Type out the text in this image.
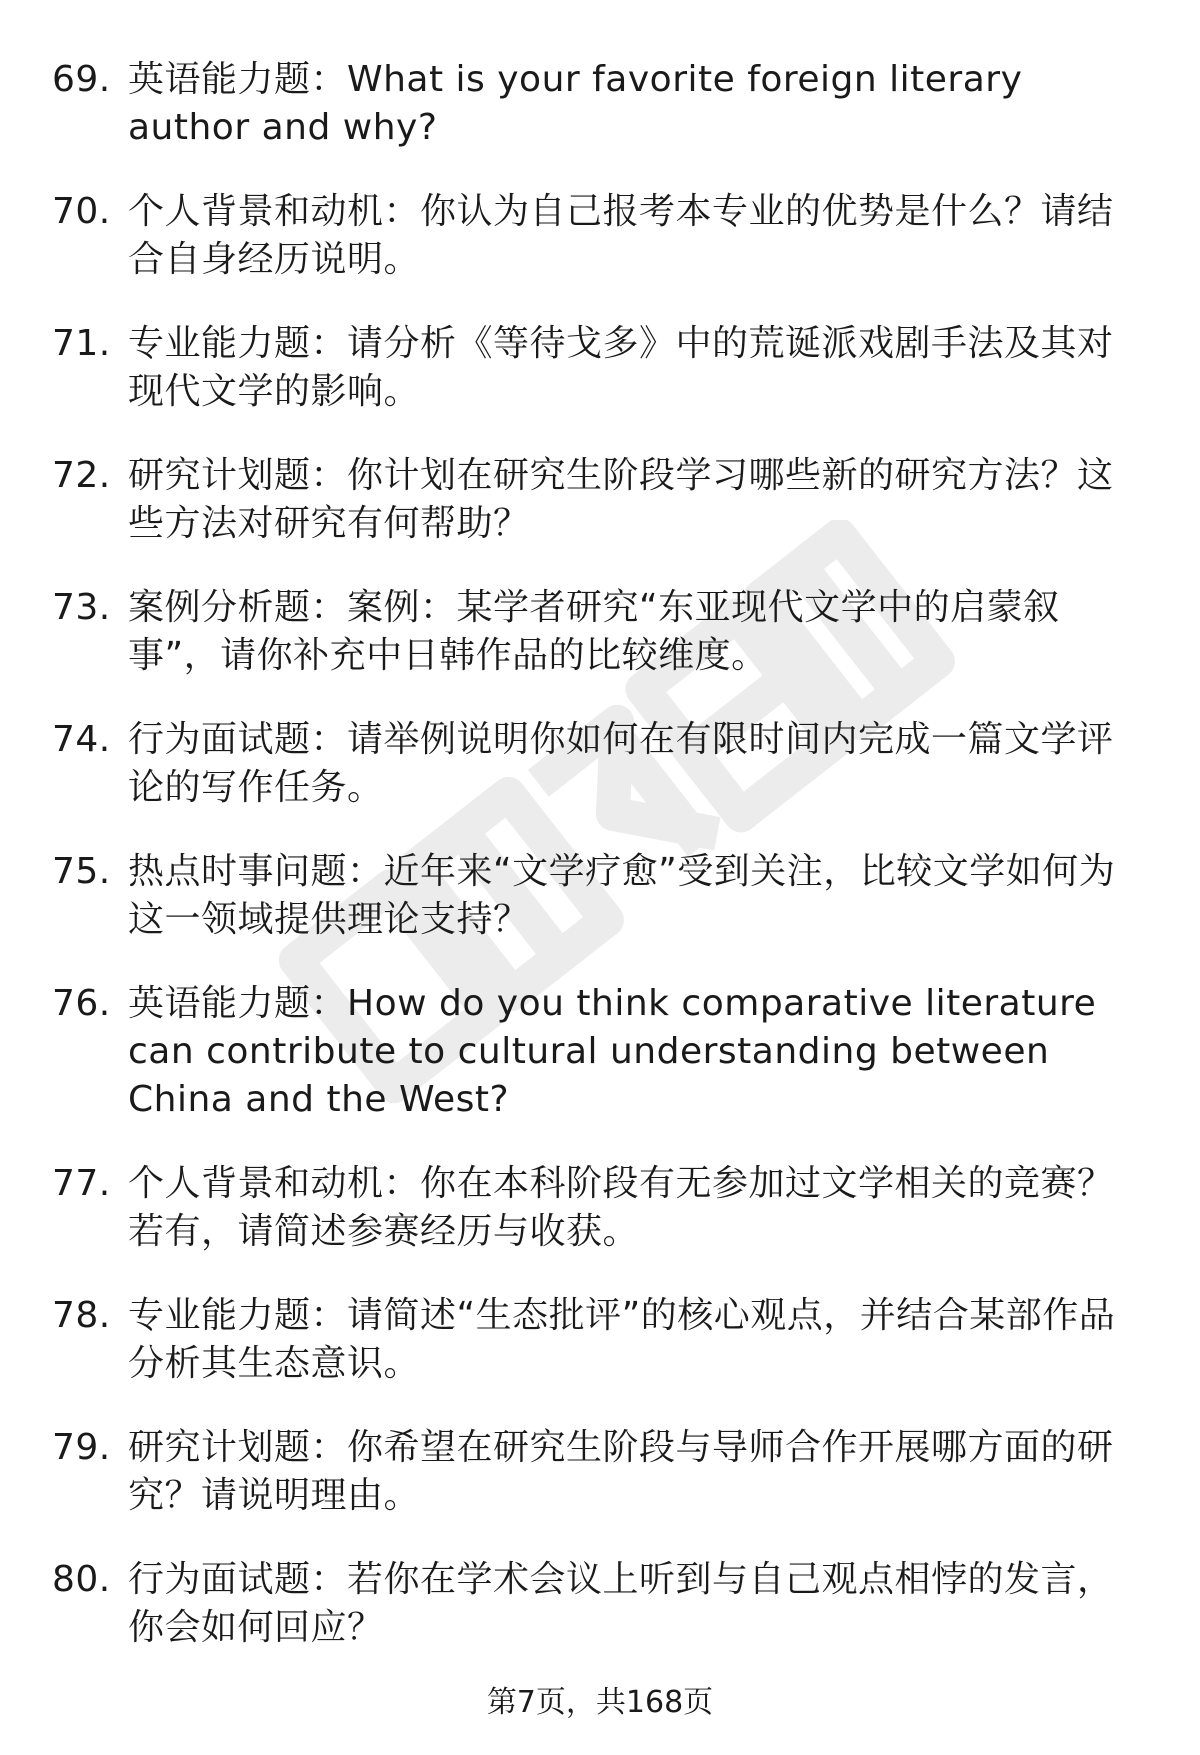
69. 英语能力题：What is your favorite foreign literary author and why?
70. 个人背景和动机：你认为自己报考本专业的优势是什么？请结合自身经历说明。
71. 专业能力题：请分析《等待戈多》中的荒诞派戏剧手法及其对现代文学的影响。
72. 研究计划题：你计划在研究生阶段学习哪些新的研究方法？这些方法对研究有何帮助？
73. 案例分析题：案例：某学者研究“东亚现代文学中的启蒙叙事”，请你补充中日韩作品的比较维度。
74. 行为面试题：请举例说明你如何在有限时间内完成一篇文学评论的写作任务。
75. 热点时事问题：近年来“文学疗愈”受到关注，比较文学如何为这一领域提供理论支持？
76. 英语能力题：How do you think comparative literature can contribute to cultural understanding between China and the West?
77. 个人背景和动机：你在本科阶段有无参加过文学相关的竞赛？若有，请简述参赛经历与收获。
78. 专业能力题：请简述“生态批评”的核心观点，并结合某部作品分析其生态意识。
79. 研究计划题：你希望在研究生阶段与导师合作开展哪方面的研究？请说明理由。
80. 行为面试题：若你在学术会议上听到与自己观点相悖的发言，你会如何回应？
第7页，共168页
